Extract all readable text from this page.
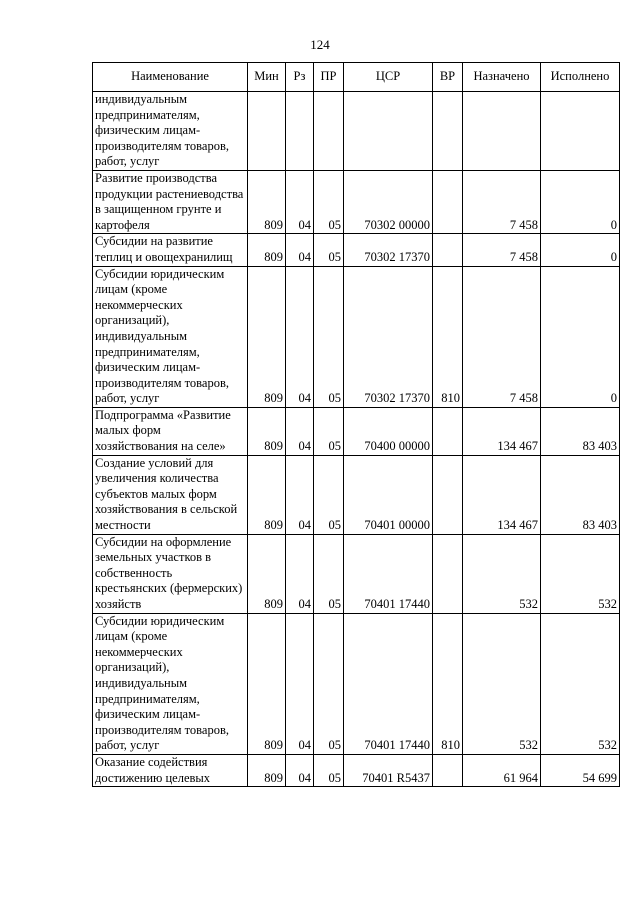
124
Наименование	Мин	Рз	ПР	ЦСР	ВР	Назначено	Исполнено
индивидуальным предпринимателям, физическим лицам-производителям товаров, работ, услуг							
Развитие производства продукции растениеводства в защищенном грунте и картофеля	809	04	05	70302 00000		7 458	0
Субсидии на развитие теплиц и овощехранилищ	809	04	05	70302 17370		7 458	0
Субсидии юридическим лицам (кроме некоммерческих организаций), индивидуальным предпринимателям, физическим лицам-производителям товаров, работ, услуг	809	04	05	70302 17370	810	7 458	0
Подпрограмма «Развитие малых форм хозяйствования на селе»	809	04	05	70400 00000		134 467	83 403
Создание условий для увеличения количества субъектов малых форм хозяйствования в сельской местности	809	04	05	70401 00000		134 467	83 403
Субсидии на оформление земельных участков в собственность крестьянских (фермерских) хозяйств	809	04	05	70401 17440		532	532
Субсидии юридическим лицам (кроме некоммерческих организаций), индивидуальным предпринимателям, физическим лицам-производителям товаров, работ, услуг	809	04	05	70401 17440	810	532	532
Оказание содействия достижению целевых	809	04	05	70401 R5437		61 964	54 699
